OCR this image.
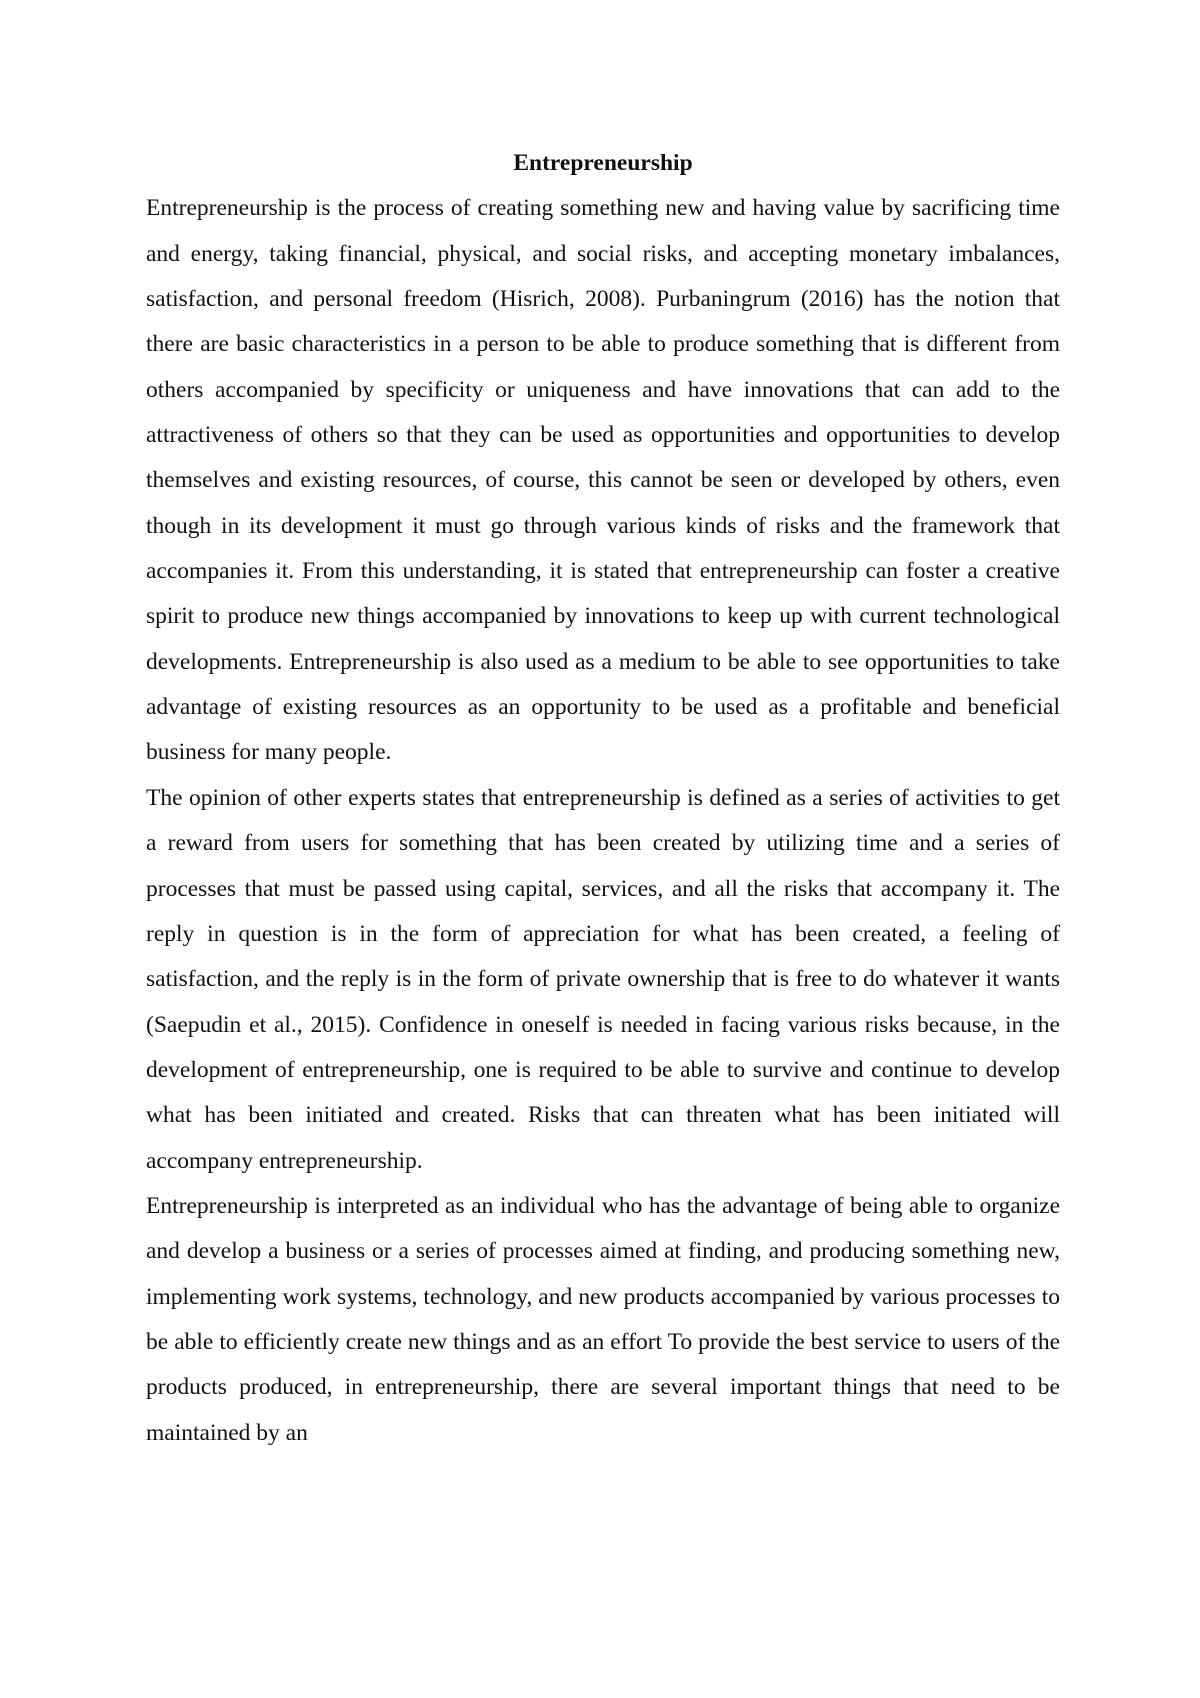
Entrepreneurship

Entrepreneurship is the process of creating something new and having value by sacrificing time and energy, taking financial, physical, and social risks, and accepting monetary imbalances, satisfaction, and personal freedom (Hisrich, 2008). Purbaningrum (2016) has the notion that there are basic characteristics in a person to be able to produce something that is different from others accompanied by specificity or uniqueness and have innovations that can add to the attractiveness of others so that they can be used as opportunities and opportunities to develop themselves and existing resources, of course, this cannot be seen or developed by others, even though in its development it must go through various kinds of risks and the framework that accompanies it. From this understanding, it is stated that entrepreneurship can foster a creative spirit to produce new things accompanied by innovations to keep up with current technological developments. Entrepreneurship is also used as a medium to be able to see opportunities to take advantage of existing resources as an opportunity to be used as a profitable and beneficial business for many people.

The opinion of other experts states that entrepreneurship is defined as a series of activities to get a reward from users for something that has been created by utilizing time and a series of processes that must be passed using capital, services, and all the risks that accompany it. The reply in question is in the form of appreciation for what has been created, a feeling of satisfaction, and the reply is in the form of private ownership that is free to do whatever it wants (Saepudin et al., 2015). Confidence in oneself is needed in facing various risks because, in the development of entrepreneurship, one is required to be able to survive and continue to develop what has been initiated and created. Risks that can threaten what has been initiated will accompany entrepreneurship.

Entrepreneurship is interpreted as an individual who has the advantage of being able to organize and develop a business or a series of processes aimed at finding, and producing something new, implementing work systems, technology, and new products accompanied by various processes to be able to efficiently create new things and as an effort To provide the best service to users of the products produced, in entrepreneurship, there are several important things that need to be maintained by an
